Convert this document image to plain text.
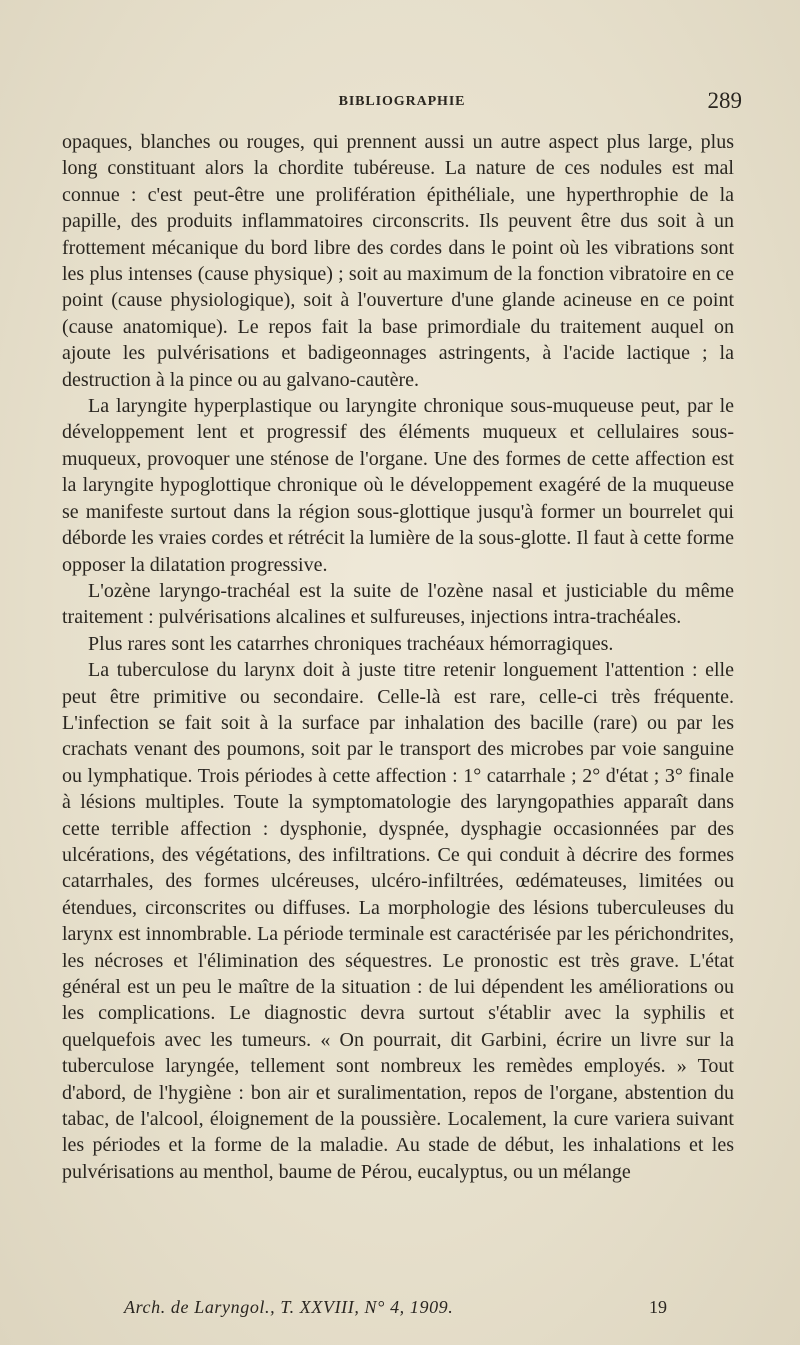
BIBLIOGRAPHIE	289

opaques, blanches ou rouges, qui prennent aussi un autre aspect plus large, plus long constituant alors la chordite tubéreuse. La nature de ces nodules est mal connue : c'est peut-être une prolifération épithéliale, une hyperthrophie de la papille, des produits inflammatoires circonscrits. Ils peuvent être dus soit à un frottement mécanique du bord libre des cordes dans le point où les vibrations sont les plus intenses (cause physique) ; soit au maximum de la fonction vibratoire en ce point (cause physiologique), soit à l'ouverture d'une glande acineuse en ce point (cause anatomique). Le repos fait la base primordiale du traitement auquel on ajoute les pulvérisations et badigeonnages astringents, à l'acide lactique ; la destruction à la pince ou au galvano-cautère.

La laryngite hyperplastique ou laryngite chronique sous-muqueuse peut, par le développement lent et progressif des éléments muqueux et cellulaires sous-muqueux, provoquer une sténose de l'organe. Une des formes de cette affection est la laryngite hypoglottique chronique où le développement exagéré de la muqueuse se manifeste surtout dans la région sous-glottique jusqu'à former un bourrelet qui déborde les vraies cordes et rétrécit la lumière de la sous-glotte. Il faut à cette forme opposer la dilatation progressive.

L'ozène laryngo-trachéal est la suite de l'ozène nasal et justiciable du même traitement : pulvérisations alcalines et sulfureuses, injections intra-trachéales.

Plus rares sont les catarrhes chroniques trachéaux hémorragiques.

La tuberculose du larynx doit à juste titre retenir longuement l'attention : elle peut être primitive ou secondaire. Celle-là est rare, celle-ci très fréquente. L'infection se fait soit à la surface par inhalation des bacille (rare) ou par les crachats venant des poumons, soit par le transport des microbes par voie sanguine ou lymphatique. Trois périodes à cette affection : 1° catarrhale ; 2° d'état ; 3° finale à lésions multiples. Toute la symptomatologie des laryngopathies apparaît dans cette terrible affection : dysphonie, dyspnée, dysphagie occasionnées par des ulcérations, des végétations, des infiltrations. Ce qui conduit à décrire des formes catarrhales, des formes ulcéreuses, ulcéro-infiltrées, œdémateuses, limitées ou étendues, circonscrites ou diffuses. La morphologie des lésions tuberculeuses du larynx est innombrable. La période terminale est caractérisée par les périchondrites, les nécroses et l'élimination des séquestres. Le pronostic est très grave. L'état général est un peu le maître de la situation : de lui dépendent les améliorations ou les complications. Le diagnostic devra surtout s'établir avec la syphilis et quelquefois avec les tumeurs. « On pourrait, dit Garbini, écrire un livre sur la tuberculose laryngée, tellement sont nombreux les remèdes employés. » Tout d'abord, de l'hygiène : bon air et suralimentation, repos de l'organe, abstention du tabac, de l'alcool, éloignement de la poussière. Localement, la cure variera suivant les périodes et la forme de la maladie. Au stade de début, les inhalations et les pulvérisations au menthol, baume de Pérou, eucalyptus, ou un mélange

Arch. de Laryngol., T. XXVIII, N° 4, 1909.	19
